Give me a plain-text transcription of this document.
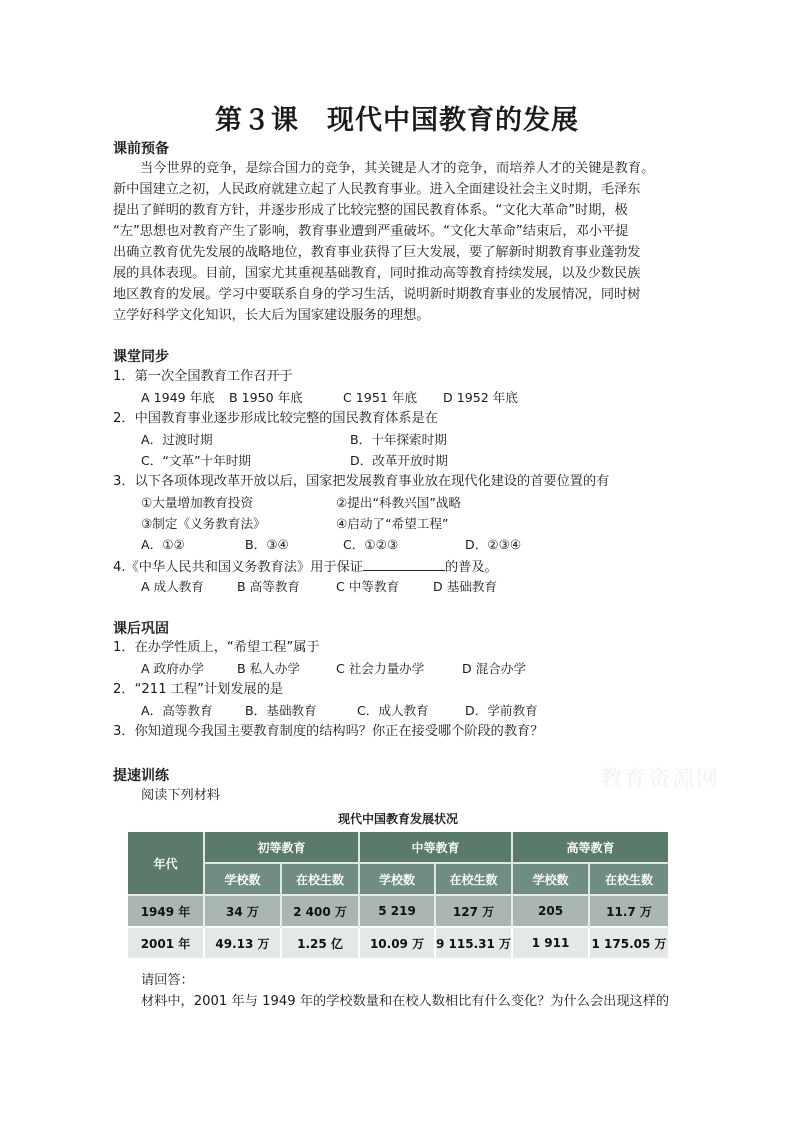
第３课　现代中国教育的发展
课前预备
当今世界的竞争，是综合国力的竞争，其关键是人才的竞争，而培养人才的关键是教育。
新中国建立之初，人民政府就建立起了人民教育事业。进入全面建设社会主义时期，毛泽东
提出了鲜明的教育方针，并逐步形成了比较完整的国民教育体系。“文化大革命”时期，极
“左”思想也对教育产生了影响，教育事业遭到严重破坏。“文化大革命”结束后，邓小平提
出确立教育优先发展的战略地位，教育事业获得了巨大发展，要了解新时期教育事业蓬勃发
展的具体表现。目前，国家尤其重视基础教育，同时推动高等教育持续发展，以及少数民族
地区教育的发展。学习中要联系自身的学习生活，说明新时期教育事业的发展情况，同时树
立学好科学文化知识，长大后为国家建设服务的理想。
课堂同步
1．第一次全国教育工作召开于
A 1949 年底 B 1950 年底	C 1951 年底 D 1952 年底
2．中国教育事业逐步形成比较完整的国民教育体系是在
A．过渡时期	B．十年探索时期
C．“文革”十年时期	D．改革开放时期
3．以下各项体现改革开放以后，国家把发展教育事业放在现代化建设的首要位置的有
①大量增加教育投资	②提出“科教兴国”战略
③制定《义务教育法》	④启动了“希望工程”
A．①②	B．③④	C．①②③	D．②③④
4.《中华人民共和国义务教育法》用于保证	的普及。
A 成人教育	B 高等教育	C 中等教育	D 基础教育
课后巩固
1．在办学性质上，“希望工程”属于
A 政府办学	B 私人办学	C 社会力量办学	D 混合办学
2．“211 工程”计划发展的是
A．高等教育	B．基础教育	C．成人教育	D．学前教育
3．你知道现今我国主要教育制度的结构吗？你正在接受哪个阶段的教育？
提速训练	教育资源网
阅读下列材料
现代中国教育发展状况
年代	初等教育		中等教育		高等教育	
	学校数	在校生数	学校数	在校生数	学校数	在校生数
1949 年	34 万	2 400 万	5 219	127 万	205	11.7 万
2001 年	49.13 万	1.25 亿	10.09 万	9 115.31 万	1 911	1 175.05 万
请回答：
材料中，2001 年与 1949 年的学校数量和在校人数相比有什么变化？为什么会出现这样的
